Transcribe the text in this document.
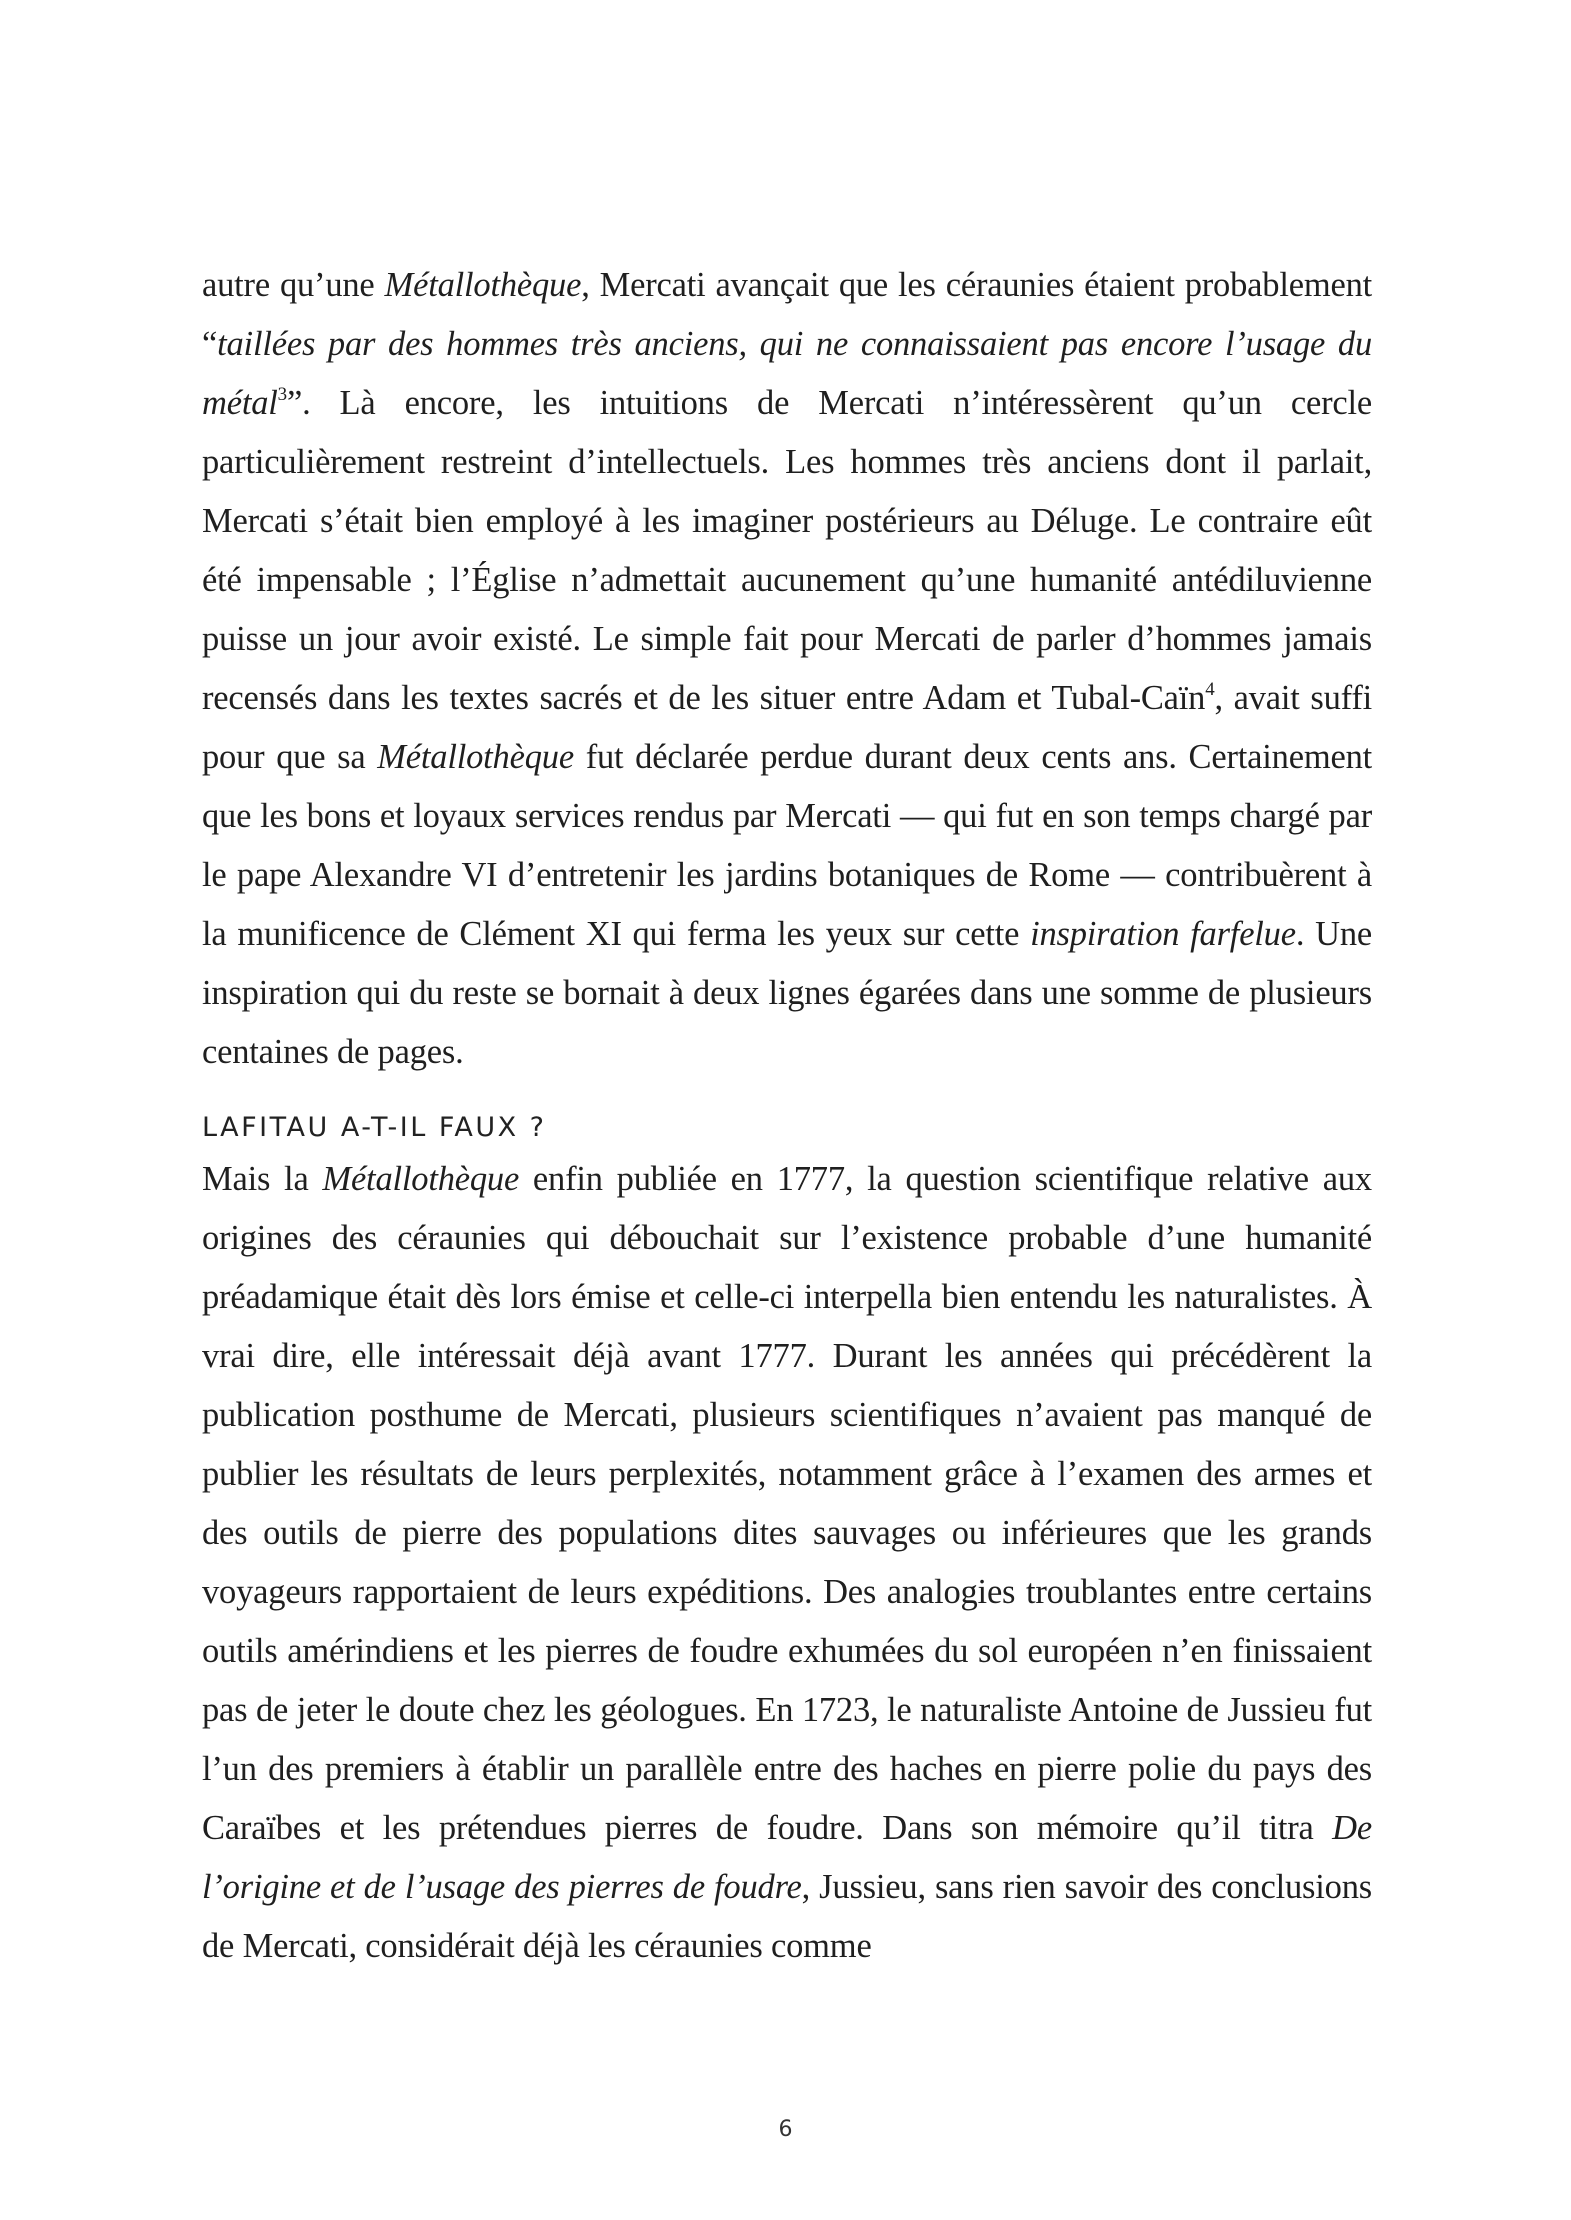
autre qu’une Métallothèque, Mercati avançait que les céraunies étaient probablement “taillées par des hommes très anciens, qui ne connaissaient pas encore l’usage du métal$^3$”. Là encore, les intuitions de Mercati n’intéressèrent qu’un cercle particulièrement restreint d’intellectuels. Les hommes très anciens dont il parlait, Mercati s’était bien employé à les imaginer postérieurs au Déluge. Le contraire eût été impensable ; l’Église n’admettait aucunement qu’une humanité antédiluvienne puisse un jour avoir existé. Le simple fait pour Mercati de parler d’hommes jamais recensés dans les textes sacrés et de les situer entre Adam et Tubal-Caïn$^4$, avait suffi pour que sa Métallothèque fut déclarée perdue durant deux cents ans. Certainement que les bons et loyaux services rendus par Mercati — qui fut en son temps chargé par le pape Alexandre VI d’entretenir les jardins botaniques de Rome — contribuèrent à la munificence de Clément XI qui ferma les yeux sur cette inspiration farfelue. Une inspiration qui du reste se bornait à deux lignes égarées dans une somme de plusieurs centaines de pages.

LAFITAU A-T-IL FAUX ?

Mais la Métallothèque enfin publiée en 1777, la question scientifique relative aux origines des céraunies qui débouchait sur l’existence probable d’une humanité préadamique était dès lors émise et celle-ci interpella bien entendu les naturalistes. À vrai dire, elle intéressait déjà avant 1777. Durant les années qui précédèrent la publication posthume de Mercati, plusieurs scientifiques n’avaient pas manqué de publier les résultats de leurs perplexités, notamment grâce à l’examen des armes et des outils de pierre des populations dites sauvages ou inférieures que les grands voyageurs rapportaient de leurs expéditions. Des analogies troublantes entre certains outils amérindiens et les pierres de foudre exhumées du sol européen n’en finissaient pas de jeter le doute chez les géologues. En 1723, le naturaliste Antoine de Jussieu fut l’un des premiers à établir un parallèle entre des haches en pierre polie du pays des Caraïbes et les prétendues pierres de foudre. Dans son mémoire qu’il titra De l’origine et de l’usage des pierres de foudre, Jussieu, sans rien savoir des conclusions de Mercati, considérait déjà les céraunies comme

6
